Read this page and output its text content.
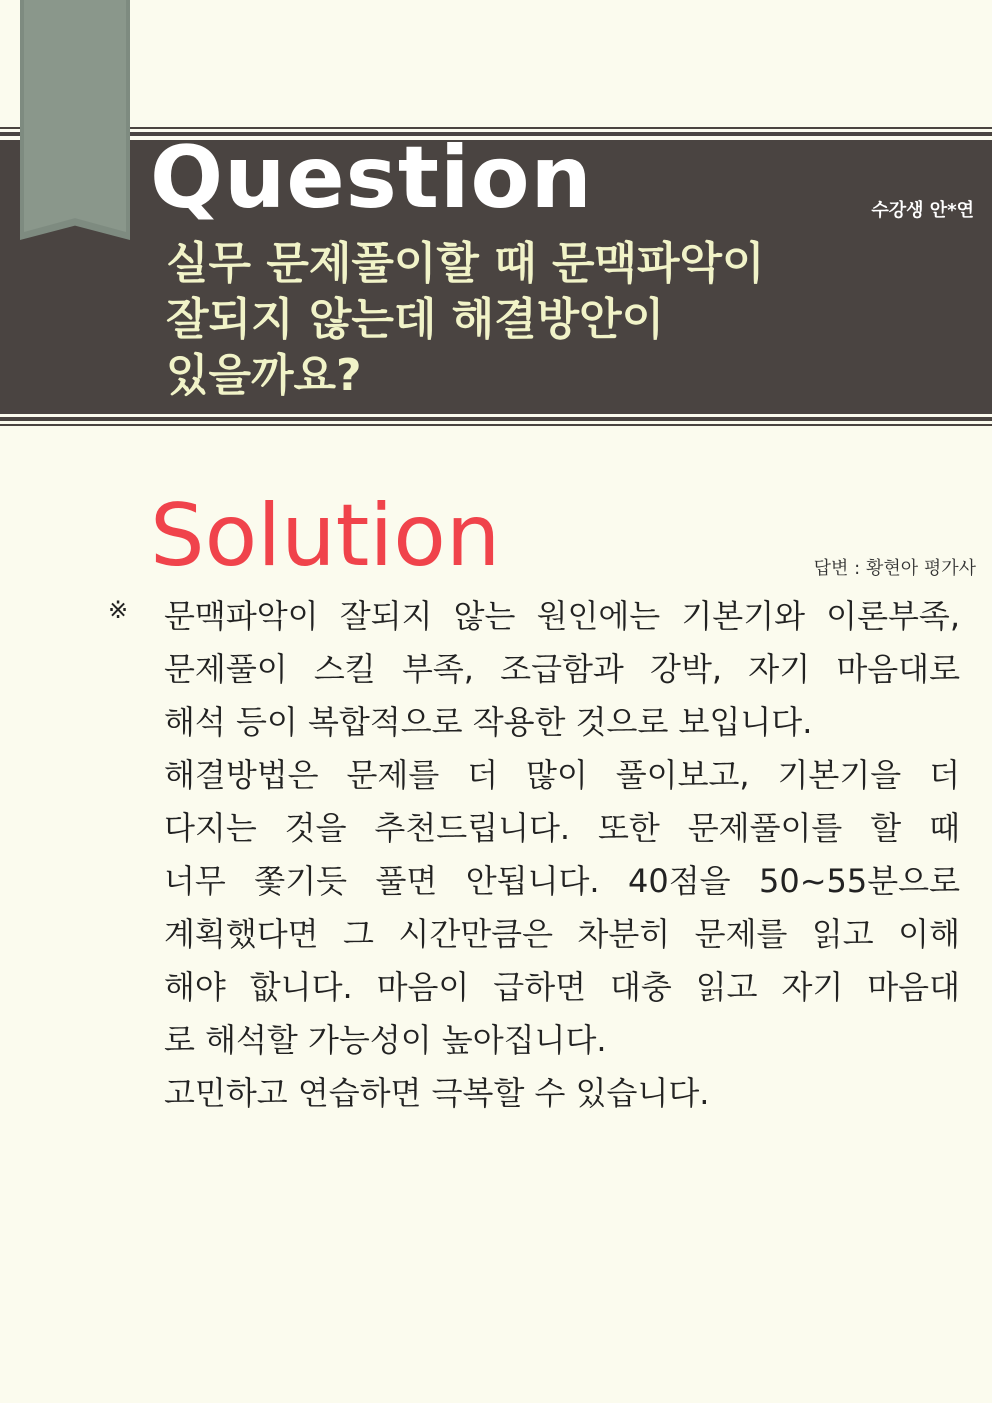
Question	수강생 안*연
실무 문제풀이할 때 문맥파악이
잘되지 않는데 해결방안이
있을까요?
Solution	답변 : 황현아 평가사
※ 문맥파악이 잘되지 않는 원인에는 기본기와 이론부족,
문제풀이 스킬 부족, 조급함과 강박, 자기 마음대로
해석 등이 복합적으로 작용한 것으로 보입니다.
해결방법은 문제를 더 많이 풀이보고, 기본기을 더
다지는 것을 추천드립니다. 또한 문제풀이를 할 때
너무 쫓기듯 풀면 안됩니다. 40점을 50~55분으로
계획했다면 그 시간만큼은 차분히 문제를 읽고 이해
해야 핪니다. 마음이 급하면 대충 읽고 자기 마음대
로 해석할 가능성이 높아집니다.
고민하고 연습하면 극복할 수 있습니다.
